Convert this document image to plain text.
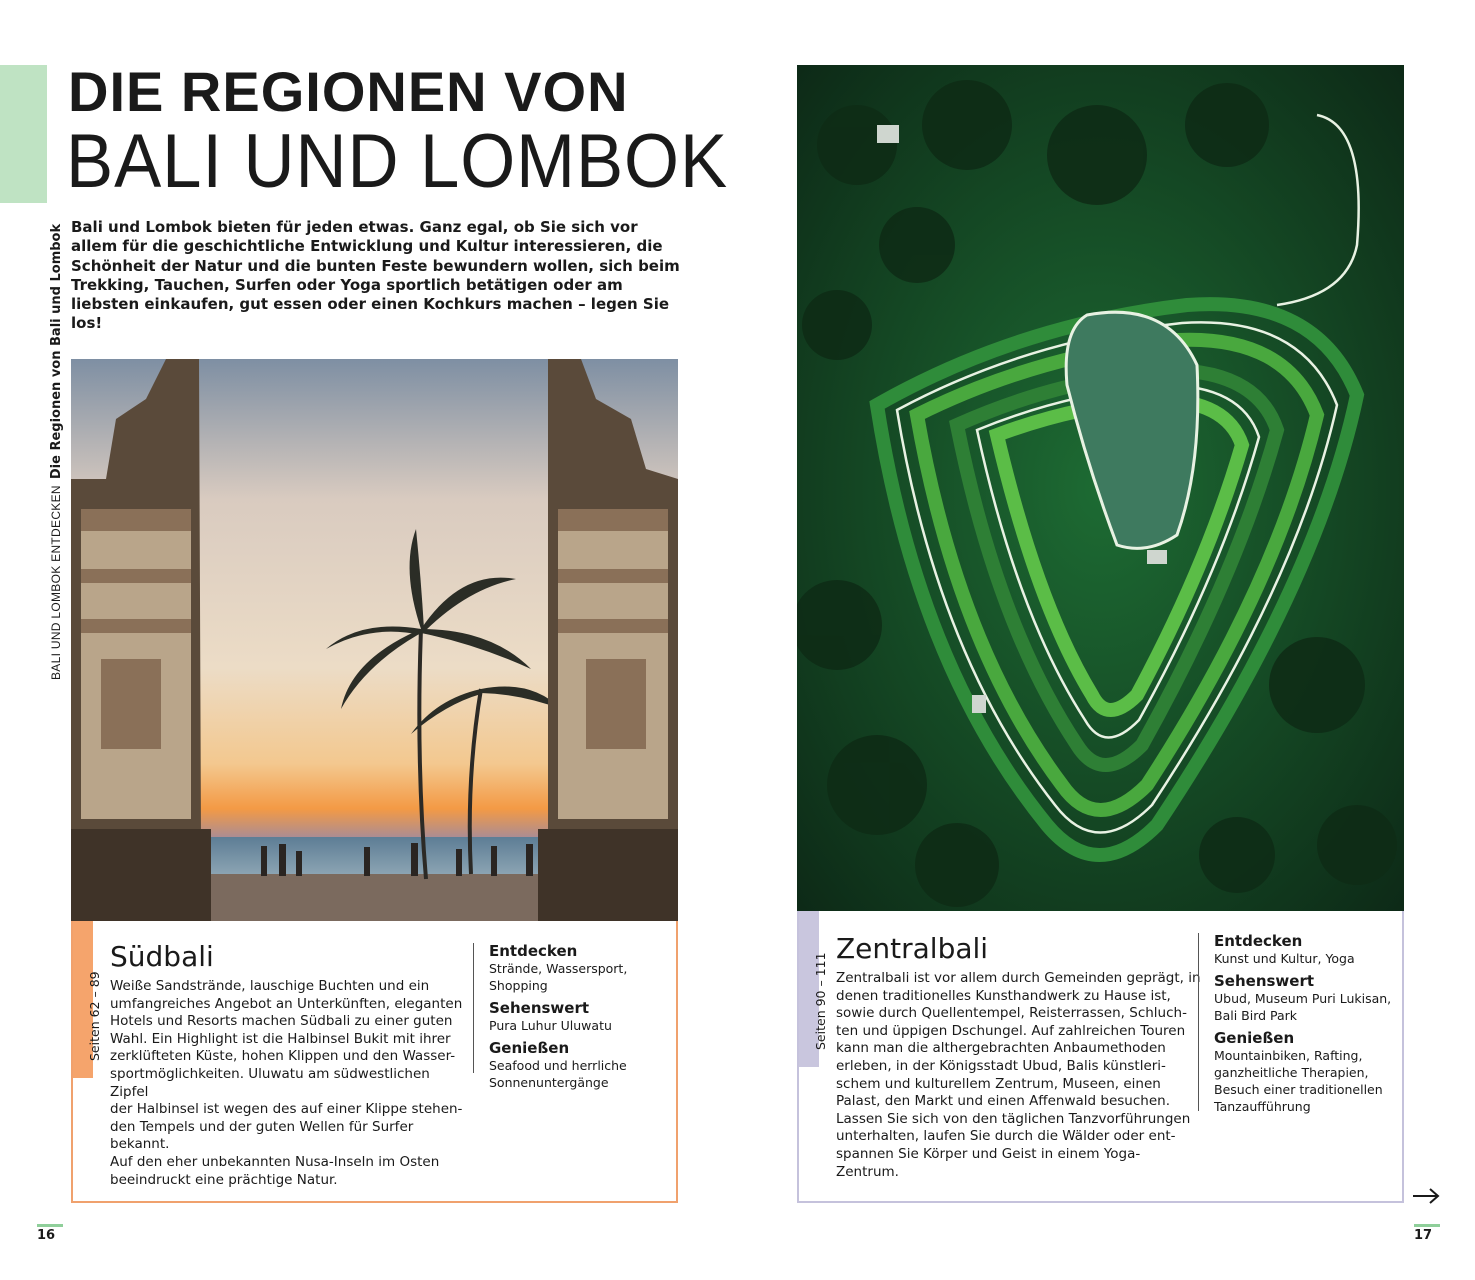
BALI UND LOMBOK ENTDECKENDie Regionen von Bali und Lombok
DIE REGIONEN VON
BALI UND LOMBOK

Bali und Lombok bieten für jeden etwas. Ganz egal, ob Sie sich vor allem für die geschichtliche Entwicklung und Kultur interessieren, die Schönheit der Natur und die bunten Feste bewundern wollen, sich beim Trekking, Tauchen, Surfen oder Yoga sportlich betätigen oder am liebsten einkaufen, gut essen oder einen Kochkurs machen – legen Sie los!

Seiten 62 – 89
Südbali

Weiße Sandstrände, lauschige Buchten und ein
umfangreiches Angebot an Unterkünften, eleganten
Hotels und Resorts machen Südbali zu einer guten
Wahl. Ein Highlight ist die Halbinsel Bukit mit ihrer
zerklüfteten Küste, hohen Klippen und den Wasser-
sportmöglichkeiten. Uluwatu am südwestlichen Zipfel
der Halbinsel ist wegen des auf einer Klippe stehen-
den Tempels und der guten Wellen für Surfer bekannt.
Auf den eher unbekannten Nusa-Inseln im Osten
beeindruckt eine prächtige Natur.

Entdecken

Strände, Wassersport,
Shopping

Sehenswert

Pura Luhur Uluwatu

Genießen

Seafood und herrliche
Sonnenuntergänge

Seiten 90 – 111
Zentralbali

Zentralbali ist vor allem durch Gemeinden geprägt, in
denen traditionelles Kunsthandwerk zu Hause ist,
sowie durch Quellentempel, Reisterrassen, Schluch-
ten und üppigen Dschungel. Auf zahlreichen Touren
kann man die althergebrachten Anbaumethoden
erleben, in der Königsstadt Ubud, Balis künstleri-
schem und kulturellem Zentrum, Museen, einen
Palast, den Markt und einen Affenwald besuchen.
Lassen Sie sich von den täglichen Tanzvorführungen
unterhalten, laufen Sie durch die Wälder oder ent-
spannen Sie Körper und Geist in einem Yoga-Zentrum.

Entdecken

Kunst und Kultur, Yoga

Sehenswert

Ubud, Museum Puri Lukisan,
Bali Bird Park

Genießen

Mountainbiken, Rafting,
ganzheitliche Therapien,
Besuch einer traditionellen
Tanzaufführung

16	17
